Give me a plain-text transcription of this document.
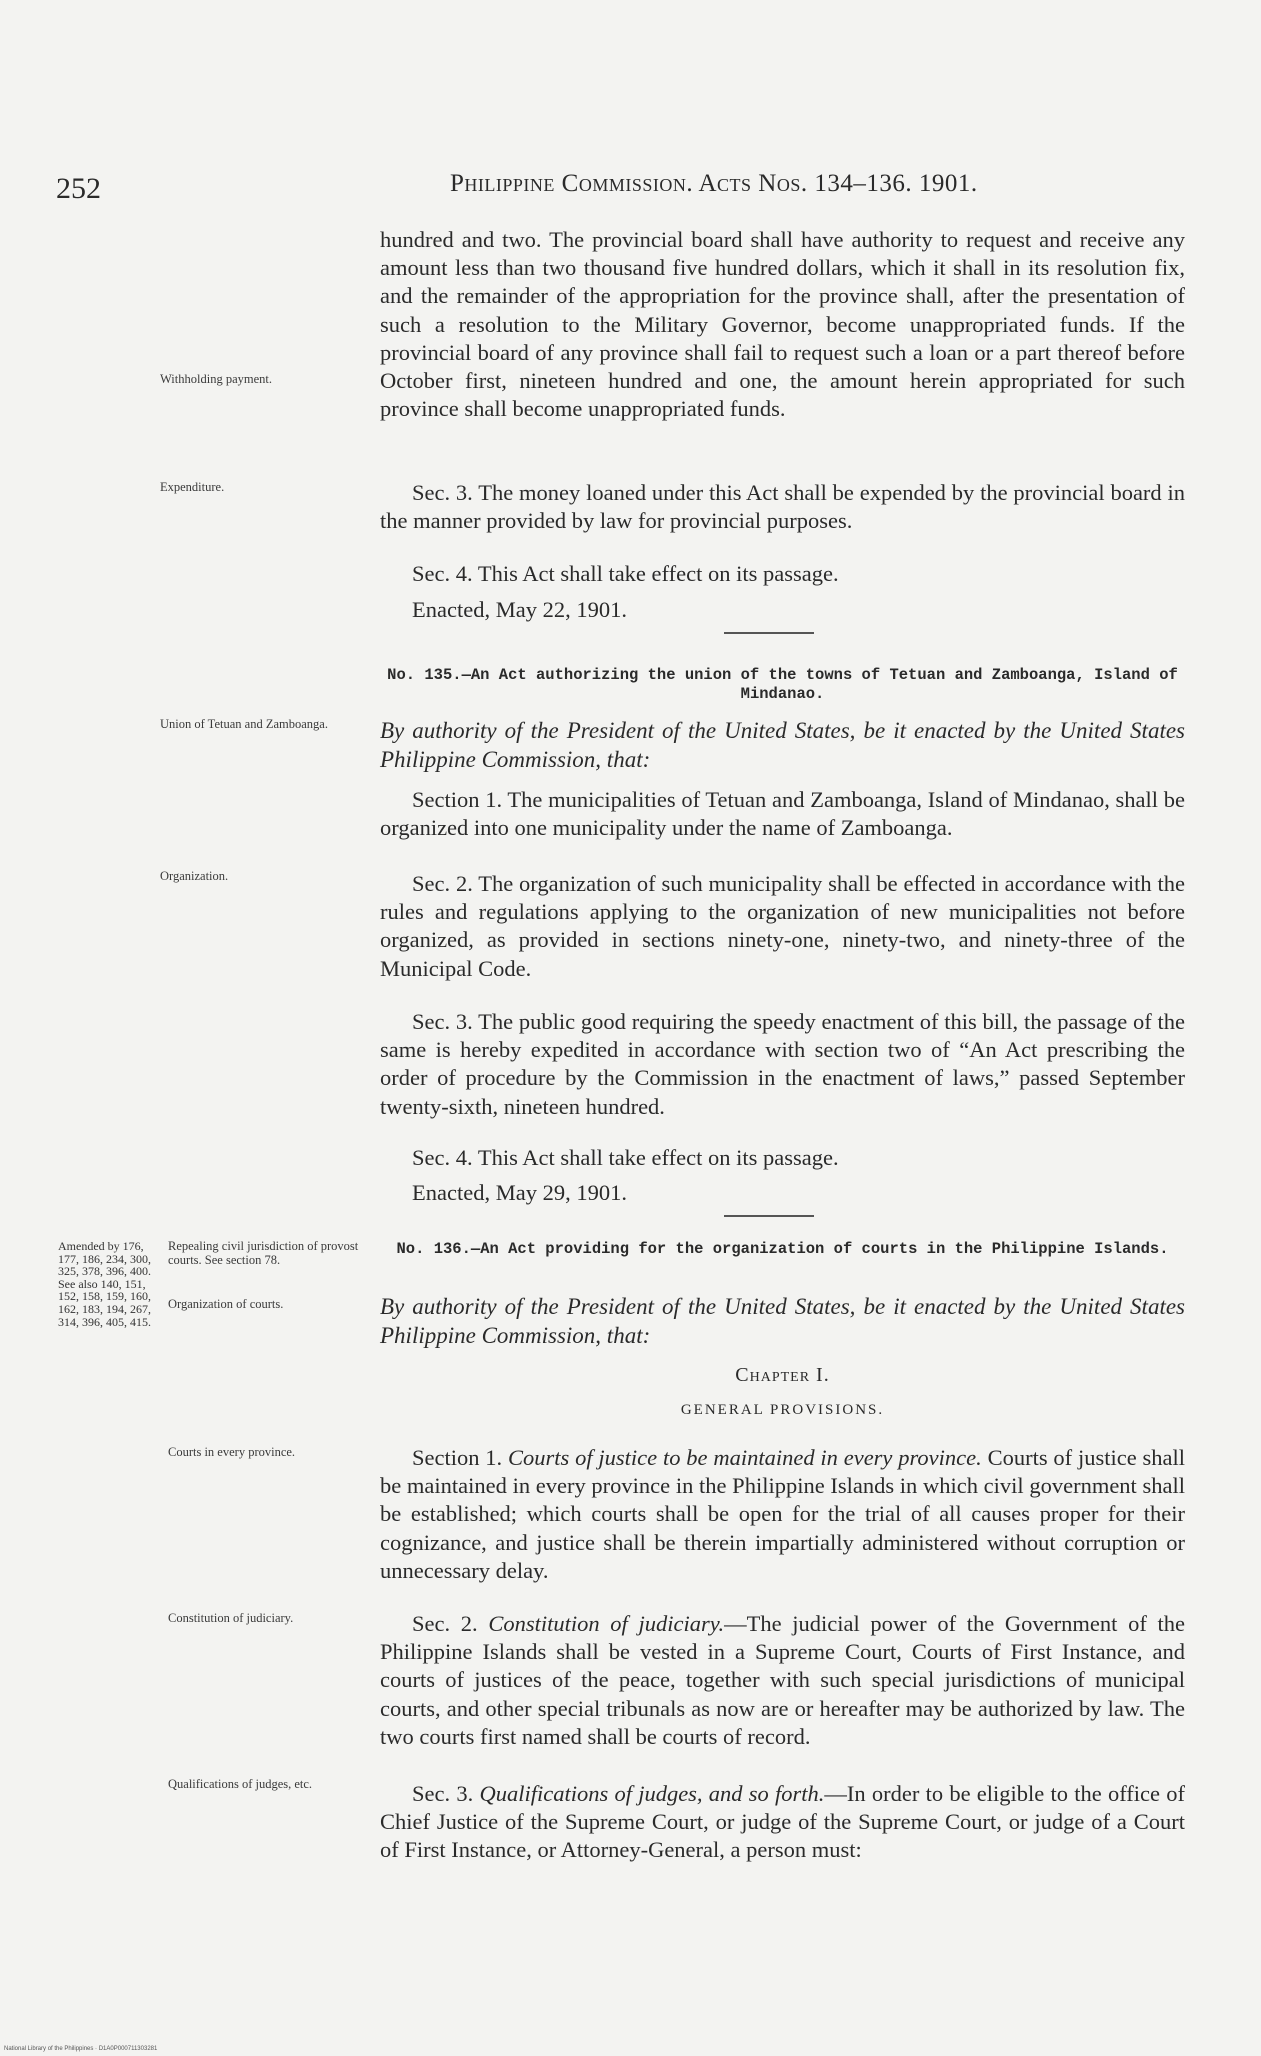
252	Philippine Commission. Acts Nos. 134–136. 1901.

hundred and two. The provincial board shall have authority to request and receive any amount less than two thousand five hundred dollars, which it shall in its resolution fix, and the remainder of the appropriation for the province shall, after the presentation of such a resolution to the Military Governor, become unappropriated funds. If the provincial board of any province shall fail to request such a loan or a part thereof before October first, nineteen hundred and one, the amount herein appropriated for such province shall become unappropriated funds.

Sec. 3. The money loaned under this Act shall be expended by the provincial board in the manner provided by law for provincial purposes.

Sec. 4. This Act shall take effect on its passage.

Enacted, May 22, 1901.

No. 135.—An Act authorizing the union of the towns of Tetuan and Zamboanga, Island of Mindanao.
By authority of the President of the United States, be it enacted by the United States Philippine Commission, that:

Section 1. The municipalities of Tetuan and Zamboanga, Island of Mindanao, shall be organized into one municipality under the name of Zamboanga.

Sec. 2. The organization of such municipality shall be effected in accordance with the rules and regulations applying to the organization of new municipalities not before organized, as provided in sections ninety-one, ninety-two, and ninety-three of the Municipal Code.

Sec. 3. The public good requiring the speedy enactment of this bill, the passage of the same is hereby expedited in accordance with section two of “An Act prescribing the order of procedure by the Commission in the enactment of laws,” passed September twenty-sixth, nineteen hundred.

Sec. 4. This Act shall take effect on its passage.

Enacted, May 29, 1901.

No. 136.—An Act providing for the organization of courts in the Philippine Islands.
By authority of the President of the United States, be it enacted by the United States Philippine Commission, that:
Chapter I.
GENERAL PROVISIONS.

Section 1. Courts of justice to be maintained in every province. Courts of justice shall be maintained in every province in the Philippine Islands in which civil government shall be established; which courts shall be open for the trial of all causes proper for their cognizance, and justice shall be therein impartially administered without corruption or unnecessary delay.

Sec. 2. Constitution of judiciary.—The judicial power of the Government of the Philippine Islands shall be vested in a Supreme Court, Courts of First Instance, and courts of justices of the peace, together with such special jurisdictions of municipal courts, and other special tribunals as now are or hereafter may be authorized by law. The two courts first named shall be courts of record.

Sec. 3. Qualifications of judges, and so forth.—In order to be eligible to the office of Chief Justice of the Supreme Court, or judge of the Supreme Court, or judge of a Court of First Instance, or Attorney-General, a person must:

Withholding payment.
Expenditure.
Union of Tetuan and Zamboanga.
Organization.
Amended by 176, 177, 186, 234, 300, 325, 378, 396, 400. See also 140, 151, 152, 158, 159, 160, 162, 183, 194, 267, 314, 396, 405, 415.
Repealing civil jurisdiction of provost courts. See section 78.
Organization of courts.
Courts in every province.
Constitution of judiciary.
Qualifications of judges, etc.
National Library of the Philippines · D1A0P000711303281
